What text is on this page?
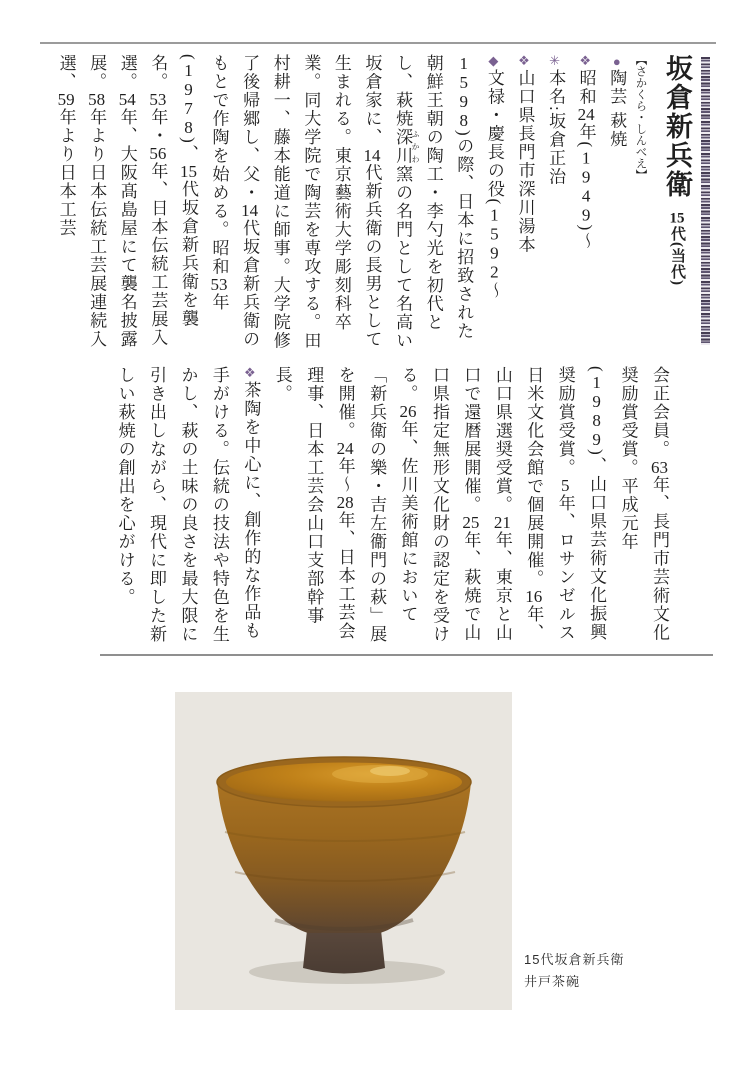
坂倉新兵衛15代(当代)

【さかくら・しんべえ】

●陶芸 萩焼

❖昭和24年(1949)〜

✳本名:坂倉正治

❖山口県長門市深川湯本

◆文禄・慶長の役(1592〜1598)の際、日本に招致された朝鮮王朝の陶工・李勺光を初代とし、萩焼深川 ふかわ窯の名門として名高い坂倉家に、14代新兵衛の長男として生まれる。東京藝術大学彫刻科卒業。同大学院で陶芸を専攻する。田村耕一、藤本能道に師事。大学院修了後帰郷し、父・14代坂倉新兵衛のもとで作陶を始める。昭和53年(1978)、15代坂倉新兵衛を襲名。53年・56年、日本伝統工芸展入選。54年、大阪髙島屋にて襲名披露展。58年より日本伝統工芸展連続入選、59年より日本工芸

会正会員。63年、長門市芸術文化奨励賞受賞。平成元年(1989)、山口県芸術文化振興奨励賞受賞。5年、ロサンゼルス日米文化会館で個展開催。16年、山口県選奨受賞。21年、東京と山口で還暦展開催。25年、萩焼で山口県指定無形文化財の認定を受ける。26年、佐川美術館において「新兵衛の樂・吉左衞門の萩」展を開催。24年〜28年、日本工芸会理事、日本工芸会山口支部幹事長。

❖茶陶を中心に、創作的な作品も手がける。伝統の技法や特色を生かし、萩の土味の良さを最大限に引き出しながら、現代に即した新しい萩焼の創出を心がける。

15代坂倉新兵衛
井戸茶碗
